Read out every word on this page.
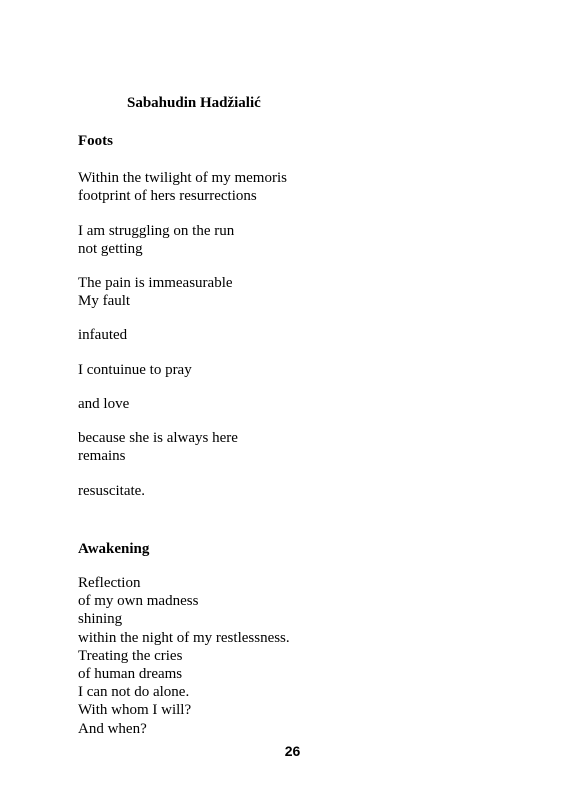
Sabahudin Hadžialić
Foots
Within the twilight of my memoris
footprint of hers resurrections
I am struggling on the run
not getting
The pain is immeasurable
My fault
infauted
I contuinue to pray
and love
because she is always here
remains
resuscitate.
Awakening
Reflection
of my own madness
shining
within the night of my restlessness.
Treating the cries
of human dreams
I can not do alone.
With whom I will?
And when?
26
